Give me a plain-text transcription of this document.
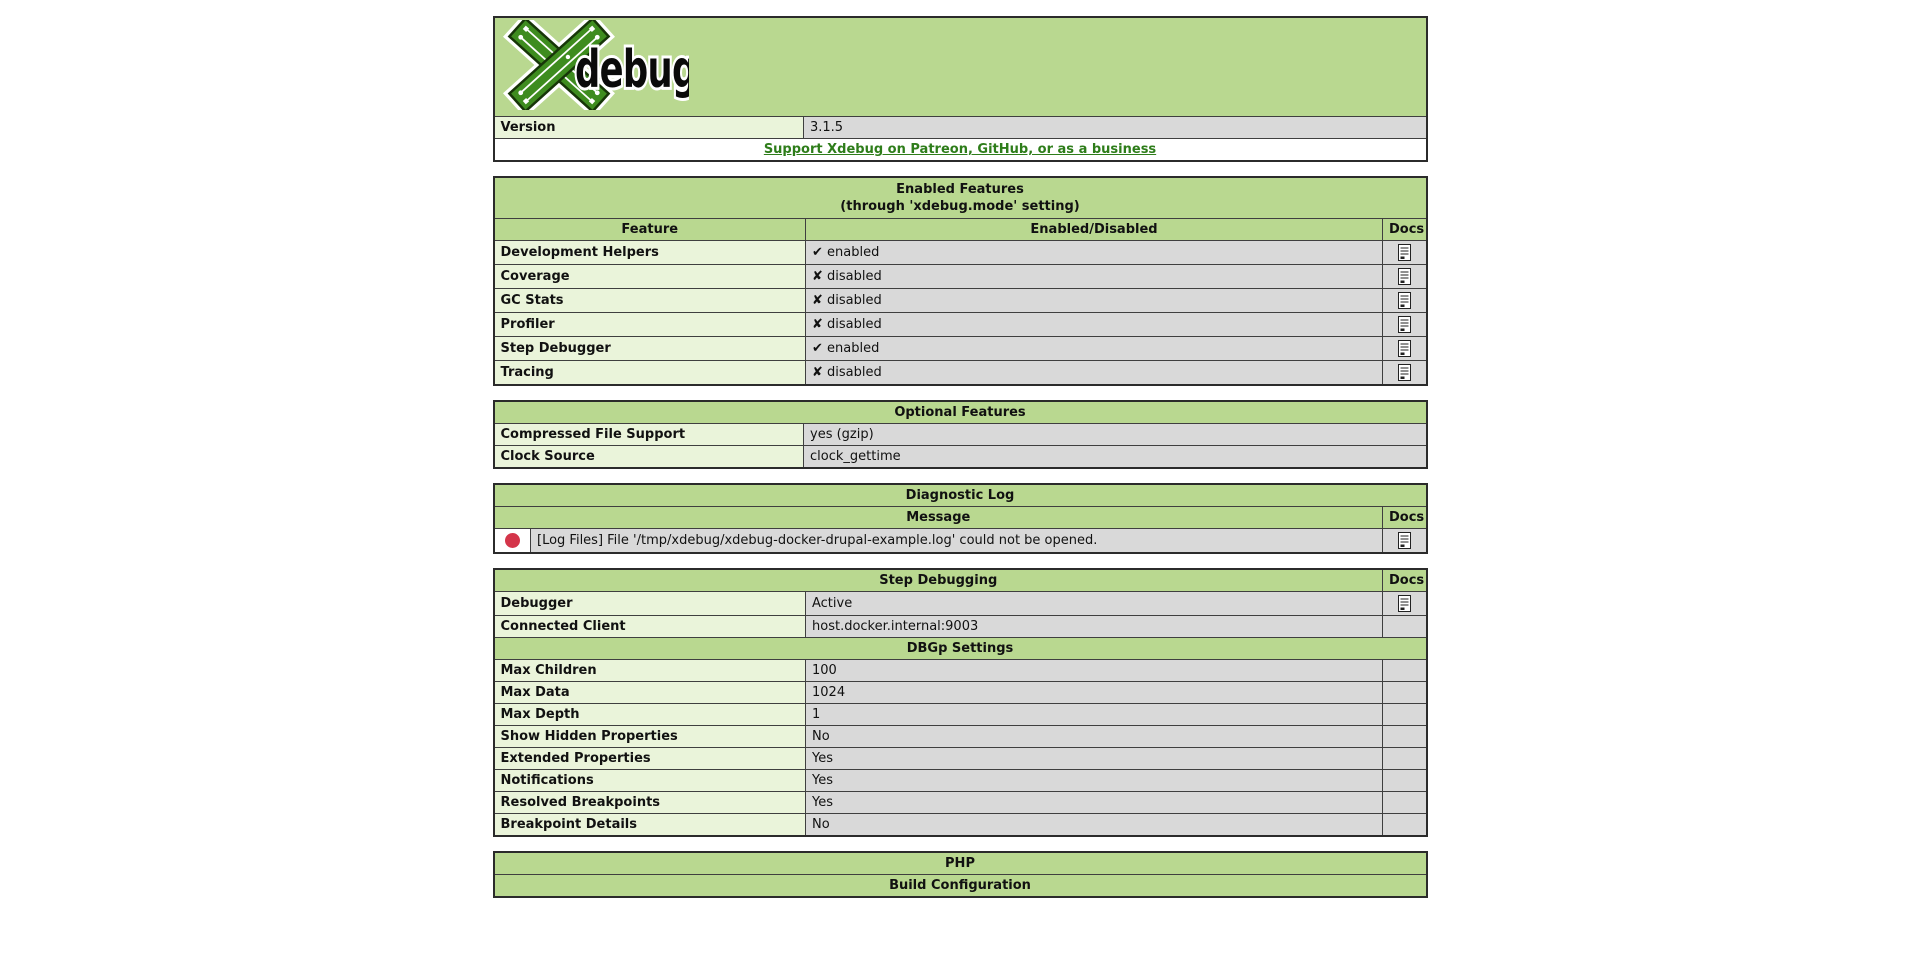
debug

Version	3.1.5
Support Xdebug on Patreon, GitHub, or as a business
Enabled Features
(through 'xdebug.mode' setting)		

Feature	Enabled/Disabled	Docs
Development Helpers	✔ enabled	
Coverage	✘ disabled	
GC Stats	✘ disabled	
Profiler	✘ disabled	
Step Debugger	✔ enabled	
Tracing	✘ disabled	
Optional Features	
Compressed File Support	yes (gzip)
Clock Source	clock_gettime
Diagnostic Log		
Message		Docs
	[Log Files] File '/tmp/xdebug/xdebug-docker-drupal-example.log' could not be opened.	
Step Debugging		Docs
Debugger	Active	
Connected Client	host.docker.internal:9003	
DBGp Settings		
Max Children	100	
Max Data	1024	
Max Depth	1	
Show Hidden Properties	No	
Extended Properties	Yes	
Notifications	Yes	
Resolved Breakpoints	Yes	
Breakpoint Details	No	
PHP
Build Configuration
